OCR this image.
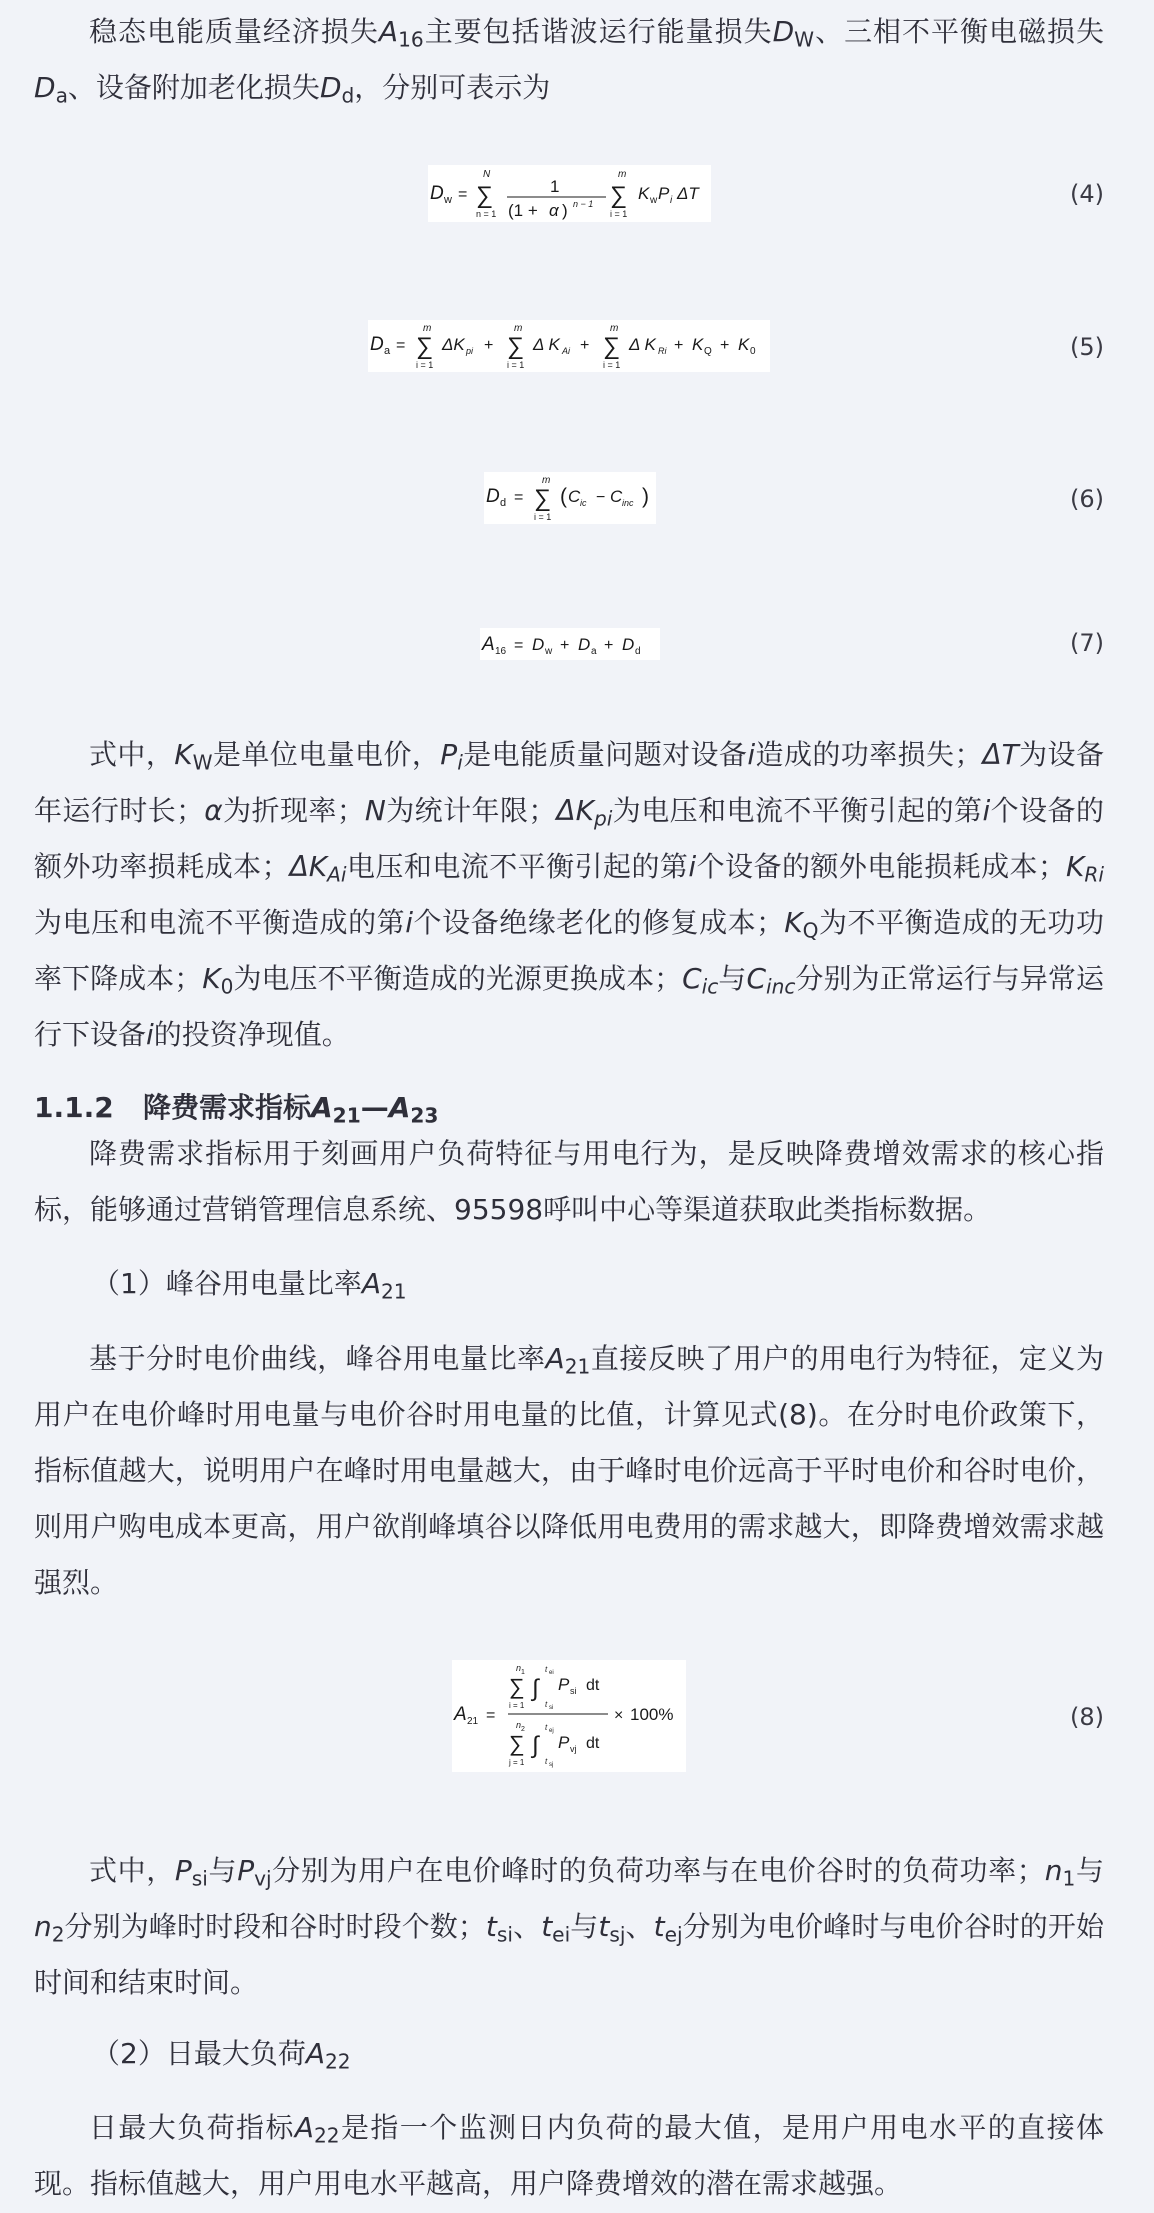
稳态电能质量经济损失$A_{16}$主要包括谐波运行能量损失$D_W$、三相不平衡电磁损失$D_a$、设备附加老化损失$D_d$，分别可表示为

D w =
N
∑
n = 1
1
(1 + α ) n − 1
m
∑
i = 1
K w P i ΔT	(4)
D a =
m
∑
i = 1
ΔK pi +
m
∑
i = 1
Δ K Ai +
m
∑
i = 1
Δ K Ri + K Q + K 0	(5)
D d =
m
∑
i = 1
( C ic − C inc )	(6)
A 16 = D w + D a + D d	(7)

式中，$K_W$是单位电量电价，$P_i$是电能质量问题对设备i造成的功率损失；ΔT为设备年运行时长；α为折现率；N为统计年限；$\Delta K_{pi}$为电压和电流不平衡引起的第i个设备的额外功率损耗成本；$\Delta K_{Ai}$电压和电流不平衡引起的第i个设备的额外电能损耗成本；$K_{Ri}$为电压和电流不平衡造成的第i个设备绝缘老化的修复成本；$K_Q$为不平衡造成的无功功率下降成本；$K_0$为电压不平衡造成的光源更换成本；$C_{ic}$与$C_{inc}$分别为正常运行与异常运行下设备i的投资净现值。

1.1.2 降费需求指标$A_{21}—A_{23}$

降费需求指标用于刻画用户负荷特征与用电行为，是反映降费增效需求的核心指标，能够通过营销管理信息系统、95598呼叫中心等渠道获取此类指标数据。

（1）峰谷用电量比率$A_{21}$

基于分时电价曲线，峰谷用电量比率$A_{21}$直接反映了用户的用电行为特征，定义为用户在电价峰时用电量与电价谷时用电量的比值，计算见式(8)。在分时电价政策下，指标值越大，说明用户在峰时用电量越大，由于峰时电价远高于平时电价和谷时电价，则用户购电成本更高，用户欲削峰填谷以降低用电费用的需求越大，即降费增效需求越强烈。

A 21 =
n 1
∑
i = 1
∫
t ei
t si
P si dt
n 2
∑
j = 1
∫
t ej
t sj
P vj dt
× 100%	(8)

式中，$P_{si}$与$P_{vj}$分别为用户在电价峰时的负荷功率与在电价谷时的负荷功率；$n_1$与$n_2$分别为峰时时段和谷时时段个数；$t_{si}$、$t_{ei}$与$t_{sj}$、$t_{ej}$分别为电价峰时与电价谷时的开始时间和结束时间。

（2）日最大负荷$A_{22}$

日最大负荷指标$A_{22}$是指一个监测日内负荷的最大值，是用户用电水平的直接体现。指标值越大，用户用电水平越高，用户降费增效的潜在需求越强。
